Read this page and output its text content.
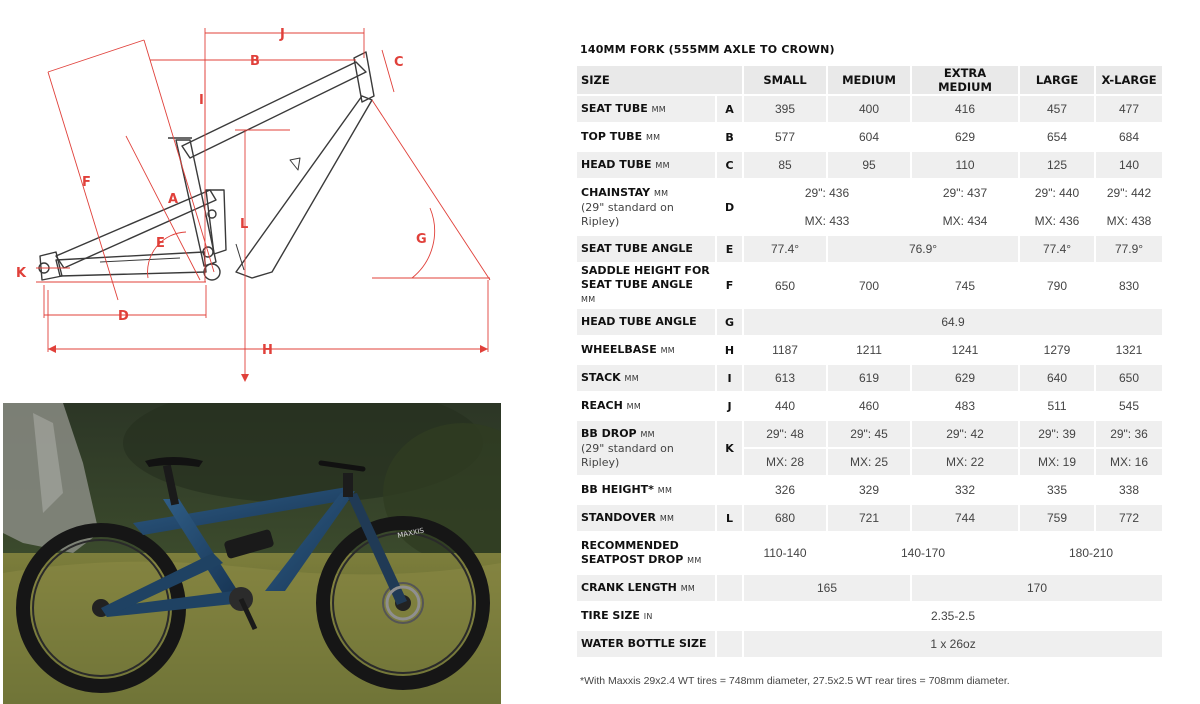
J
B	C
I
F
A
L
G
E
K
D
H
MAXXIS
140MM FORK (555MM AXLE TO CROWN)
SIZE		SMALL	MEDIUM	EXTRA MEDIUM	LARGE	X-LARGE
SEAT TUBE MM	A	395	400	416	457	477
TOP TUBE MM	B	577	604	629	654	684
HEAD TUBE MM	C	85	95	110	125	140
CHAINSTAY MM
(29" standard on Ripley)	D	29": 436		29": 437	29": 440	29": 442
		MX: 433		MX: 434	MX: 436	MX: 438
SEAT TUBE ANGLE	E	77.4°	76.9°		77.4°	77.9°
SADDLE HEIGHT FOR
SEAT TUBE ANGLE MM	F	650	700	745	790	830
HEAD TUBE ANGLE	G	64.9				
WHEELBASE MM	H	1187	1211	1241	1279	1321
STACK MM	I	613	619	629	640	650
REACH MM	J	440	460	483	511	545
BB DROP MM
(29" standard on Ripley)	K	29": 48	29": 45	29": 42	29": 39	29": 36
		MX: 28	MX: 25	MX: 22	MX: 19	MX: 16
BB HEIGHT* MM		326	329	332	335	338
STANDOVER MM	L	680	721	744	759	772
RECOMMENDED
SEATPOST DROP MM		110-140	140-170		180-210	
CRANK LENGTH MM		165		170		
TIRE SIZE IN		2.35-2.5				
WATER BOTTLE SIZE		1 x 26oz				
*With Maxxis 29x2.4 WT tires = 748mm diameter, 27.5x2.5 WT rear tires = 708mm diameter.
